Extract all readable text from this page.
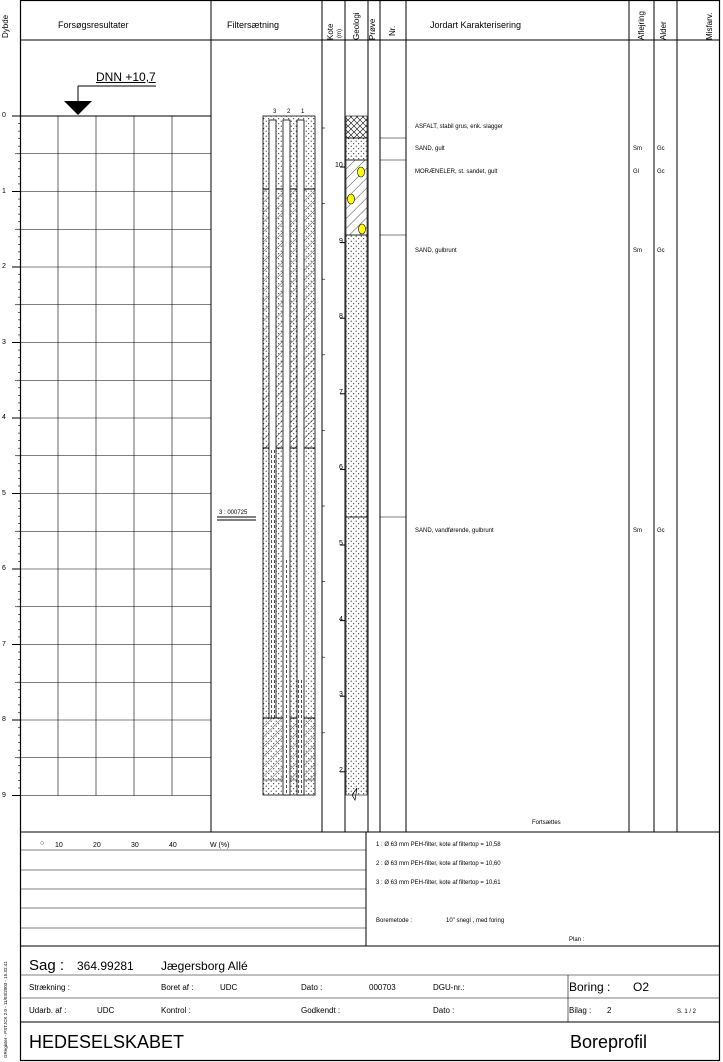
Dybde	Forsøgsresultater	Filtersætning	Kote (m) Geologi Prøve Nr.
Jordart Karakterisering	Aflejring Alder	Misfarv.
DNN +10,7
0
1
2
3
4
5
6
7
8
9
10
9
8
7
6
5
4
3
2
3 2 1
3 : 000725
ASFALT, stabil grus, enk. slagger
SAND, gult	Sm	Gc
MORÆNELER, st. sandet, gult	Gl	Gc
SAND, gulbrunt	Sm	Gc
SAND, vandførende, gulbrunt	Sm	Gc
Fortsættes
○ 10	20	30	40	W (%)	1 : Ø 63 mm PEH-filter, kote af filtertop = 10,58
2 : Ø 63 mm PEH-filter, kote af filtertop = 10,60
3 : Ø 63 mm PEH-filter, kote af filtertop = 10,61
Boremetode :	10" snegl , med foring
Plan :
GRegister - PSTJCK 2.0 - 11/03/2003 - 15.32.41 Sag : 364.99281 Jægersborg Allé
Strækning :	Boret af :	UDC	Dato :	000703	DGU-nr.:	Boring : O2
Udarb. af :	UDC	Kontrol :	Godkendt :	Dato :	Bilag : 2	S. 1 / 2
HEDESELSKABET	Boreprofil
